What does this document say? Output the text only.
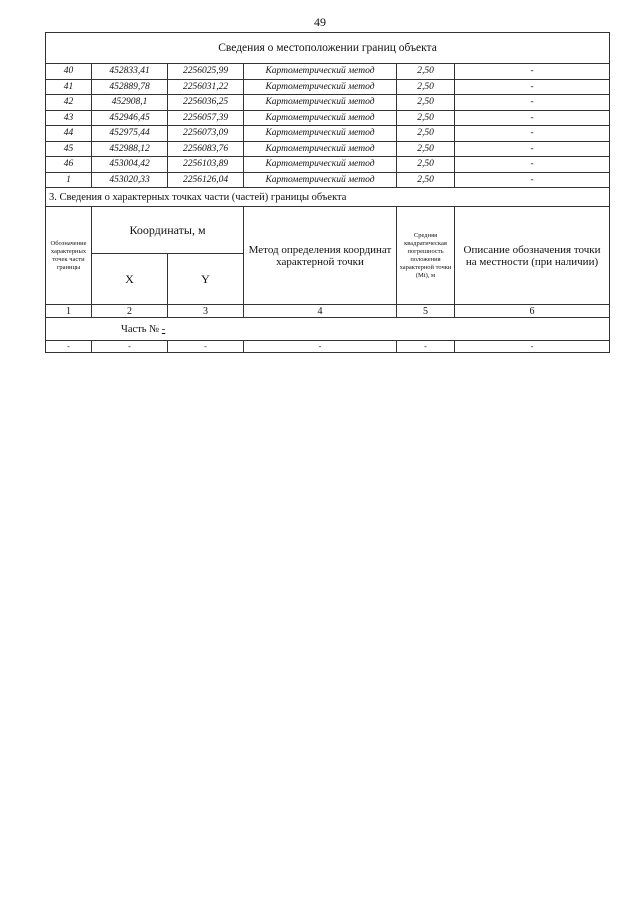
49
Сведения о местоположении границ объекта					
40	452833,41	2256025,99	Картометрический метод	2,50	-
41	452889,78	2256031,22	Картометрический метод	2,50	-
42	452908,1	2256036,25	Картометрический метод	2,50	-
43	452946,45	2256057,39	Картометрический метод	2,50	-
44	452975,44	2256073,09	Картометрический метод	2,50	-
45	452988,12	2256083,76	Картометрический метод	2,50	-
46	453004,42	2256103,89	Картометрический метод	2,50	-
1	453020,33	2256126,04	Картометрический метод	2,50	-
3. Сведения о характерных точках части (частей) границы объекта					
Обозначение характерных точек части границы	Координаты, м		Метод определения координат характерной точки	Средняя квадратическая погрешность положения характерной точки (Mt), м	Описание обозначения точки на местности (при наличии)
	X	Y			
1	2	3	4	5	6
Часть № -					
-	-	-	-	-	-
